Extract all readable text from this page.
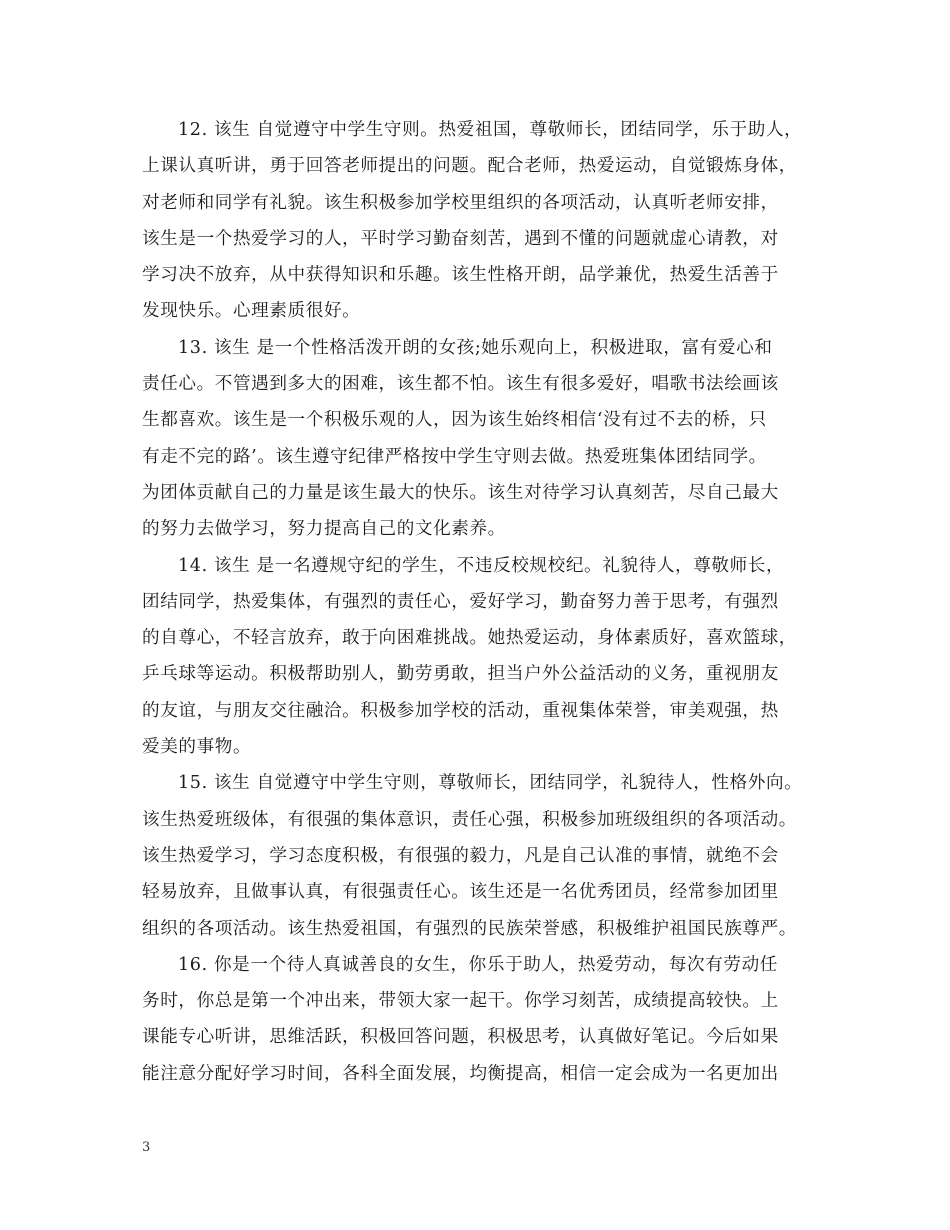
12. 该生 自觉遵守中学生守则。热爱祖国，尊敬师长，团结同学，乐于助人，
上课认真听讲，勇于回答老师提出的问题。配合老师，热爱运动，自觉锻炼身体，
对老师和同学有礼貌。该生积极参加学校里组织的各项活动，认真听老师安排，
该生是一个热爱学习的人，平时学习勤奋刻苦，遇到不懂的问题就虚心请教，对
学习决不放弃，从中获得知识和乐趣。该生性格开朗，品学兼优，热爱生活善于
发现快乐。心理素质很好。

13. 该生 是一个性格活泼开朗的女孩;她乐观向上，积极进取，富有爱心和
责任心。不管遇到多大的困难，该生都不怕。该生有很多爱好，唱歌书法绘画该
生都喜欢。该生是一个积极乐观的人，因为该生始终相信‘没有过不去的桥，只
有走不完的路’。该生遵守纪律严格按中学生守则去做。热爱班集体团结同学。
为团体贡献自己的力量是该生最大的快乐。该生对待学习认真刻苦，尽自己最大
的努力去做学习，努力提高自己的文化素养。

14. 该生 是一名遵规守纪的学生，不违反校规校纪。礼貌待人，尊敬师长，
团结同学，热爱集体，有强烈的责任心，爱好学习，勤奋努力善于思考，有强烈
的自尊心，不轻言放弃，敢于向困难挑战。她热爱运动，身体素质好，喜欢篮球，
乒乓球等运动。积极帮助别人，勤劳勇敢，担当户外公益活动的义务，重视朋友
的友谊，与朋友交往融洽。积极参加学校的活动，重视集体荣誉，审美观强，热
爱美的事物。

15. 该生 自觉遵守中学生守则，尊敬师长，团结同学，礼貌待人，性格外向。
该生热爱班级体，有很强的集体意识，责任心强，积极参加班级组织的各项活动。
该生热爱学习，学习态度积极，有很强的毅力，凡是自己认准的事情，就绝不会
轻易放弃，且做事认真，有很强责任心。该生还是一名优秀团员，经常参加团里
组织的各项活动。该生热爱祖国，有强烈的民族荣誉感，积极维护祖国民族尊严。

16. 你是一个待人真诚善良的女生，你乐于助人，热爱劳动，每次有劳动任
务时，你总是第一个冲出来，带领大家一起干。你学习刻苦，成绩提高较快。上
课能专心听讲，思维活跃，积极回答问题，积极思考，认真做好笔记。今后如果
能注意分配好学习时间，各科全面发展，均衡提高，相信一定会成为一名更加出

3
